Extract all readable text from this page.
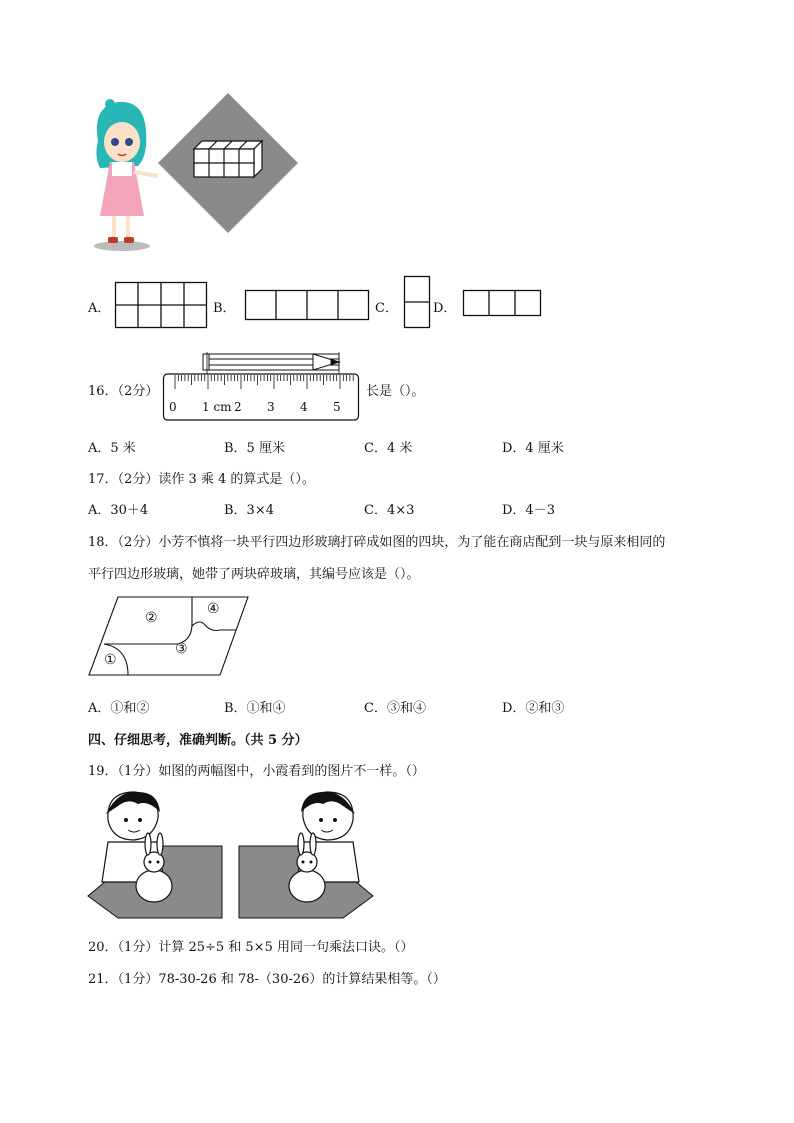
A．	B．	C．	D．
16．（2分）
0 1 cm 2 3 4 5
长是（）。
A．5 米	B．5 厘米	C．4 米	D．4 厘米
17．（2分）读作 3 乘 4 的算式是（）。
A．30＋4	B．3×4	C．4×3	D．4－3
18．（2分）小芳不慎将一块平行四边形玻璃打碎成如图的四块，为了能在商店配到一块与原来相同的
平行四边形玻璃，她带了两块碎玻璃，其编号应该是（）。
①
②
③
④
A．①和②	B．①和④	C．③和④	D．②和③
四、仔细思考，准确判断。（共 5 分）
19．（1分）如图的两幅图中，小霞看到的图片不一样。（）
20．（1分）计算 25÷5 和 5×5 用同一句乘法口诀。（）
21．（1分）78-30-26 和 78-（30-26）的计算结果相等。（）
